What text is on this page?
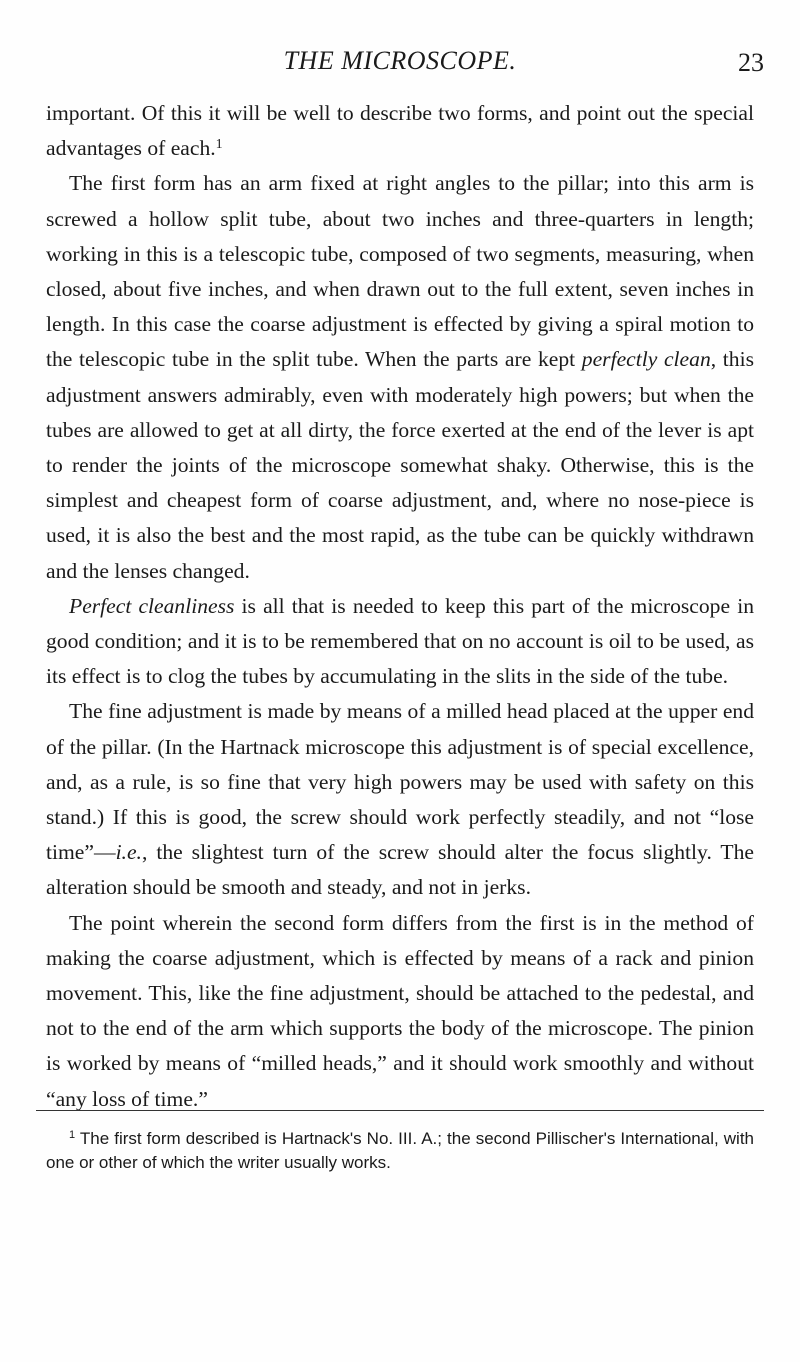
THE MICROSCOPE.	23

important. Of this it will be well to describe two forms, and point out the special advantages of each.$^1$

The first form has an arm fixed at right angles to the pillar; into this arm is screwed a hollow split tube, about two inches and three-quarters in length; working in this is a telescopic tube, composed of two segments, measuring, when closed, about five inches, and when drawn out to the full extent, seven inches in length. In this case the coarse adjustment is effected by giving a spiral motion to the telescopic tube in the split tube. When the parts are kept perfectly clean, this adjustment answers admirably, even with moderately high powers; but when the tubes are allowed to get at all dirty, the force exerted at the end of the lever is apt to render the joints of the microscope somewhat shaky. Otherwise, this is the simplest and cheapest form of coarse adjustment, and, where no nose-piece is used, it is also the best and the most rapid, as the tube can be quickly withdrawn and the lenses changed.

Perfect cleanliness is all that is needed to keep this part of the microscope in good condition; and it is to be remembered that on no account is oil to be used, as its effect is to clog the tubes by accumulating in the slits in the side of the tube.

The fine adjustment is made by means of a milled head placed at the upper end of the pillar. (In the Hartnack microscope this adjustment is of special excellence, and, as a rule, is so fine that very high powers may be used with safety on this stand.) If this is good, the screw should work perfectly steadily, and not “lose time”—i.e., the slightest turn of the screw should alter the focus slightly. The alteration should be smooth and steady, and not in jerks.

The point wherein the second form differs from the first is in the method of making the coarse adjustment, which is effected by means of a rack and pinion movement. This, like the fine adjustment, should be attached to the pedestal, and not to the end of the arm which supports the body of the microscope. The pinion is worked by means of “milled heads,” and it should work smoothly and without “any loss of time.”

$^1$ The first form described is Hartnack's No. III. A.; the second Pillischer's International, with one or other of which the writer usually works.
